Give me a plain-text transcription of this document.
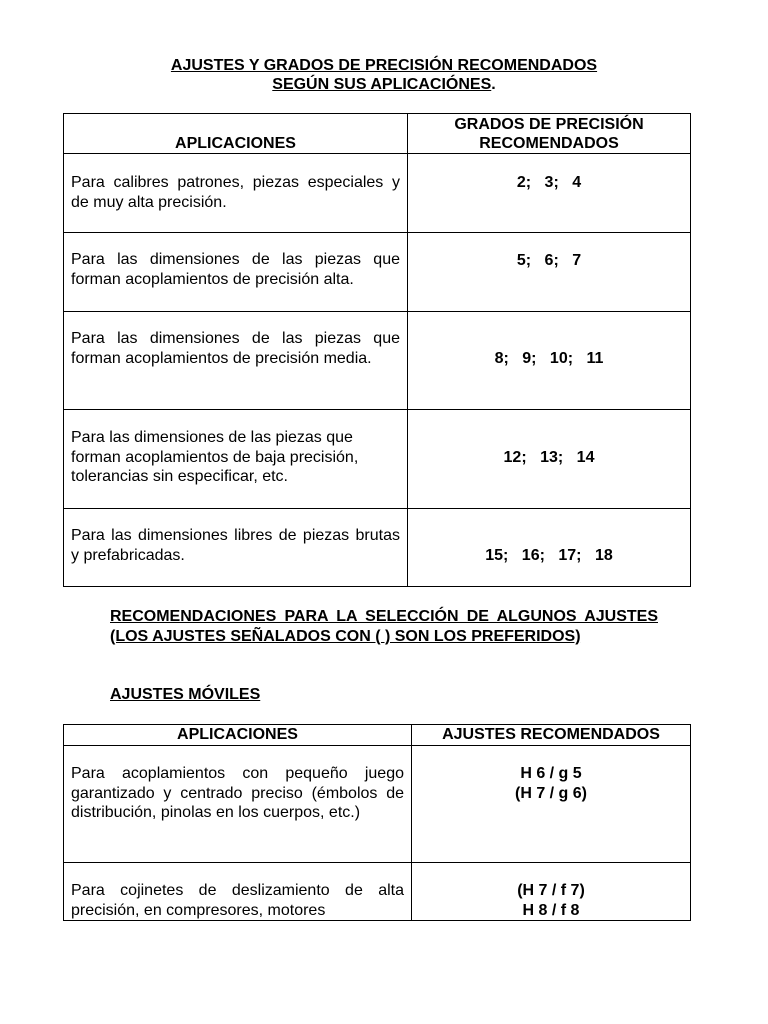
AJUSTES Y GRADOS DE PRECISIÓN RECOMENDADOS
SEGÚN SUS APLICACIÓNES.
APLICACIONES	GRADOS DE PRECISIÓN
RECOMENDADOS

Para calibres patrones, piezas especiales y de muy alta precisión.	2; 3; 4

Para las dimensiones de las piezas que forman acoplamientos de precisión alta.	5; 6; 7

Para las dimensiones de las piezas que forman acoplamientos de precisión media.	8; 9; 10; 11

Para las dimensiones de las piezas que
forman acoplamientos de baja precisión,
tolerancias sin especificar, etc.	12; 13; 14

Para las dimensiones libres de piezas brutas y prefabricadas.	15; 16; 17; 18
RECOMENDACIONES PARA LA SELECCIÓN DE ALGUNOS AJUSTES (LOS AJUSTES SEÑALADOS CON ( ) SON LOS PREFERIDOS)
AJUSTES MÓVILES
APLICACIONES	AJUSTES RECOMENDADOS

Para acoplamientos con pequeño juego garantizado y centrado preciso (émbolos de distribución, pinolas en los cuerpos, etc.)	H 6 / g 5
(H 7 / g 6)

Para cojinetes de deslizamiento de alta precisión, en compresores, motores	(H 7 / f 7)
H 8 / f 8
